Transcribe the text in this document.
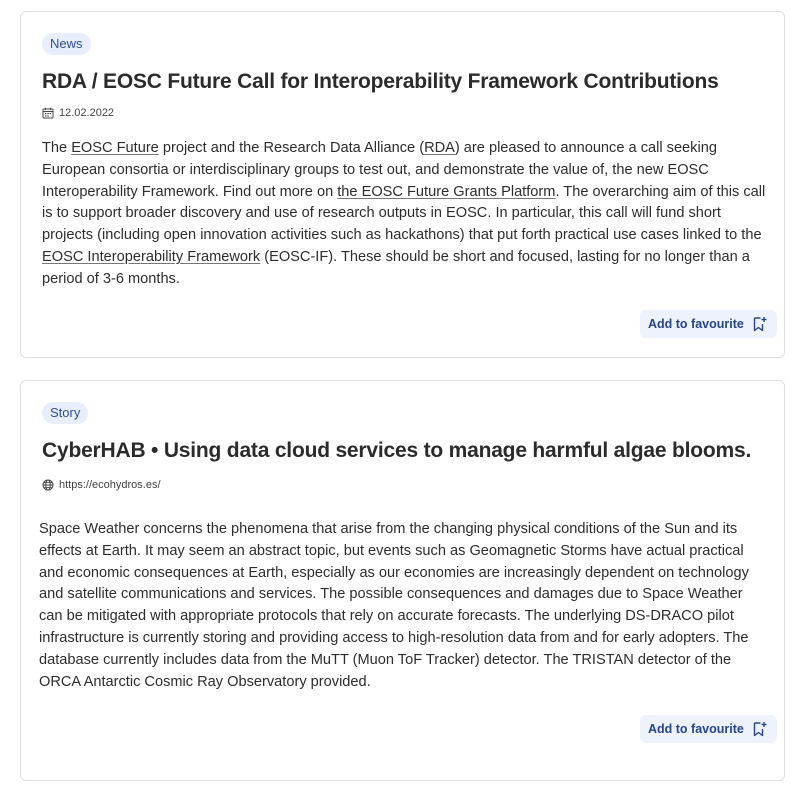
News
RDA / EOSC Future Call for Interoperability Framework Contributions
12.02.2022

The EOSC Future project and the Research Data Alliance (RDA) are pleased to announce a call seeking European consortia or interdisciplinary groups to test out, and demonstrate the value of, the new EOSC Interoperability Framework. Find out more on the EOSC Future Grants Platform. The overarching aim of this call is to support broader discovery and use of research outputs in EOSC. In particular, this call will fund short projects (including open innovation activities such as hackathons) that put forth practical use cases linked to the EOSC Interoperability Framework (EOSC-IF). These should be short and focused, lasting for no longer than a period of 3-6 months.

Add to favourite
Story
CyberHAB • Using data cloud services to manage harmful algae blooms.
https://ecohydros.es/

Space Weather concerns the phenomena that arise from the changing physical conditions of the Sun and its effects at Earth. It may seem an abstract topic, but events such as Geomagnetic Storms have actual practical and economic consequences at Earth, especially as our economies are increasingly dependent on technology and satellite communications and services. The possible consequences and damages due to Space Weather can be mitigated with appropriate protocols that rely on accurate forecasts. The underlying DS-DRACO pilot infrastructure is currently storing and providing access to high-resolution data from and for early adopters. The database currently includes data from the MuTT (Muon ToF Tracker) detector. The TRISTAN detector of the ORCA Antarctic Cosmic Ray Observatory provided.

Add to favourite
